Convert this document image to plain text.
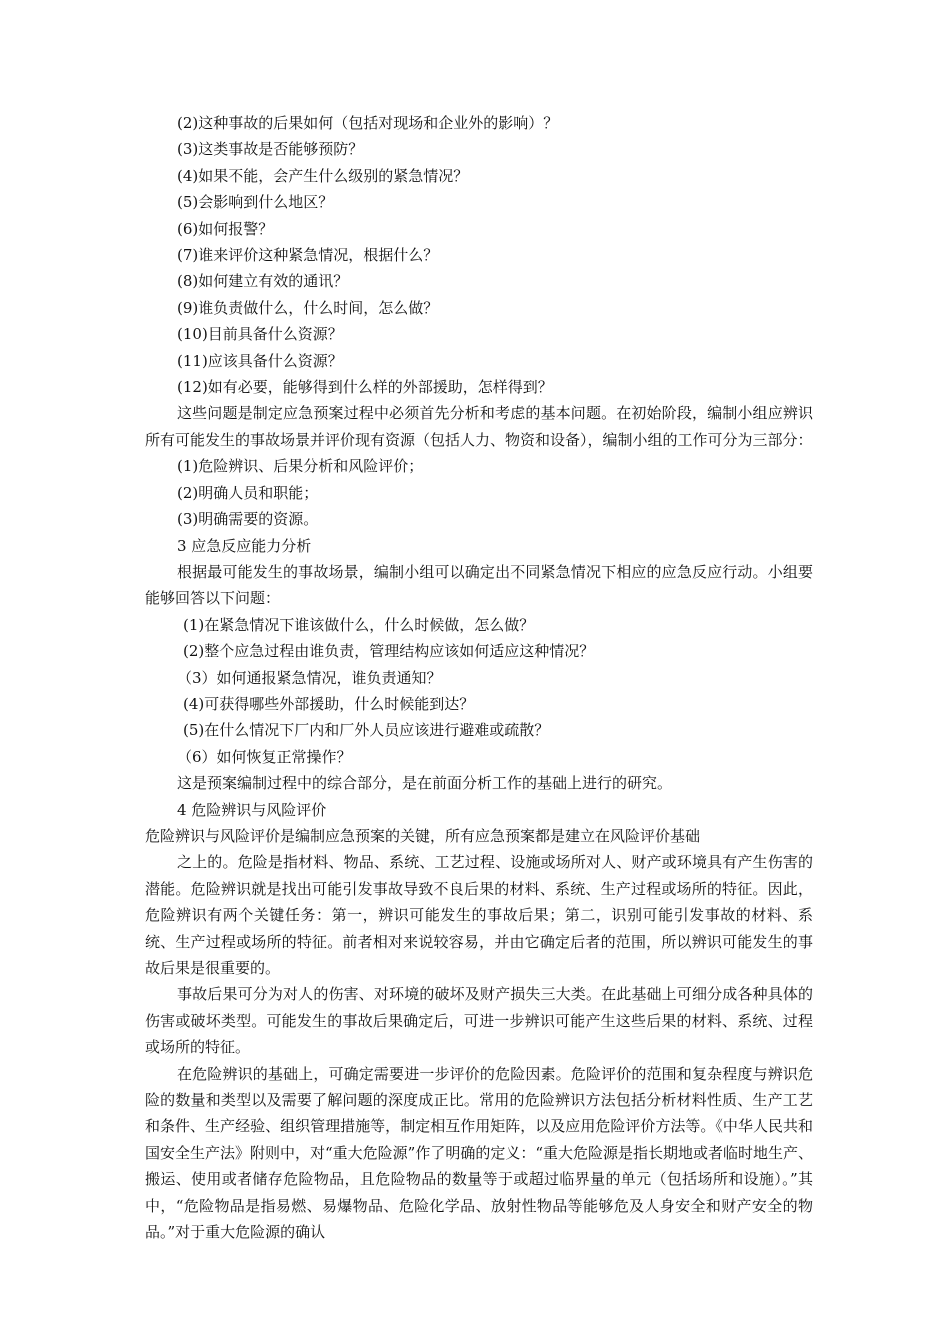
(2)这种事故的后果如何（包括对现场和企业外的影响）？

(3)这类事故是否能够预防？

(4)如果不能，会产生什么级别的紧急情况？

(5)会影响到什么地区？

(6)如何报警？

(7)谁来评价这种紧急情况，根据什么？

(8)如何建立有效的通讯？

(9)谁负责做什么，什么时间，怎么做？

(10)目前具备什么资源？

(11)应该具备什么资源？

(12)如有必要，能够得到什么样的外部援助，怎样得到？

这些问题是制定应急预案过程中必须首先分析和考虑的基本问题。在初始阶段，编制小组应辨识所有可能发生的事故场景并评价现有资源（包括人力、物资和设备），编制小组的工作可分为三部分：

(1)危险辨识、后果分析和风险评价；

(2)明确人员和职能；

(3)明确需要的资源。

3 应急反应能力分析

根据最可能发生的事故场景，编制小组可以确定出不同紧急情况下相应的应急反应行动。小组要能够回答以下问题：

(1)在紧急情况下谁该做什么，什么时候做，怎么做？

(2)整个应急过程由谁负责，管理结构应该如何适应这种情况？

（3）如何通报紧急情况，谁负责通知？

(4)可获得哪些外部援助，什么时候能到达？

(5)在什么情况下厂内和厂外人员应该进行避难或疏散？

（6）如何恢复正常操作？

这是预案编制过程中的综合部分，是在前面分析工作的基础上进行的研究。

4 危险辨识与风险评价

危险辨识与风险评价是编制应急预案的关键，所有应急预案都是建立在风险评价基础

之上的。危险是指材料、物品、系统、工艺过程、设施或场所对人、财产或环境具有产生伤害的潜能。危险辨识就是找出可能引发事故导致不良后果的材料、系统、生产过程或场所的特征。因此，危险辨识有两个关键任务：第一，辨识可能发生的事故后果；第二，识别可能引发事故的材料、系统、生产过程或场所的特征。前者相对来说较容易，并由它确定后者的范围，所以辨识可能发生的事故后果是很重要的。

事故后果可分为对人的伤害、对环境的破坏及财产损失三大类。在此基础上可细分成各种具体的伤害或破坏类型。可能发生的事故后果确定后，可进一步辨识可能产生这些后果的材料、系统、过程或场所的特征。

在危险辨识的基础上，可确定需要进一步评价的危险因素。危险评价的范围和复杂程度与辨识危险的数量和类型以及需要了解问题的深度成正比。常用的危险辨识方法包括分析材料性质、生产工艺和条件、生产经验、组织管理措施等，制定相互作用矩阵，以及应用危险评价方法等。《中华人民共和国安全生产法》附则中，对“重大危险源”作了明确的定义：“重大危险源是指长期地或者临时地生产、搬运、使用或者储存危险物品，且危险物品的数量等于或超过临界量的单元（包括场所和设施）。”其中，“危险物品是指易燃、易爆物品、危险化学品、放射性物品等能够危及人身安全和财产安全的物品。”对于重大危险源的确认
